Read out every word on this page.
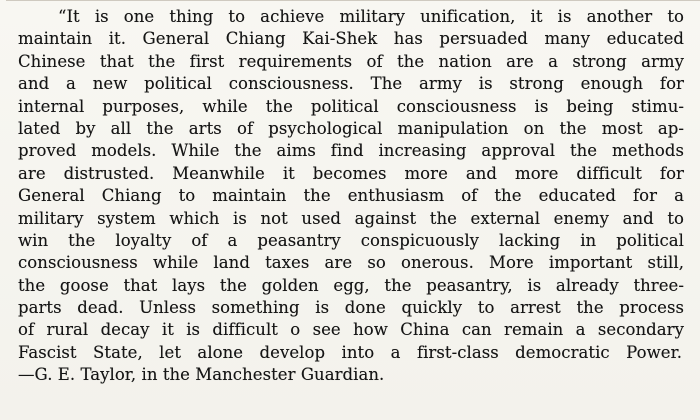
“It is one thing to achieve military unification, it is another to
maintain it. General Chiang Kai-Shek has persuaded many educated
Chinese that the first requirements of the nation are a strong army
and a new political consciousness. The army is strong enough for
internal purposes, while the political consciousness is being stimu-
lated by all the arts of psychological manipulation on the most ap-
proved models. While the aims find increasing approval the methods
are distrusted. Meanwhile it becomes more and more difficult for
General Chiang to maintain the enthusiasm of the educated for a
military system which is not used against the external enemy and to
win the loyalty of a peasantry conspicuously lacking in political
consciousness while land taxes are so onerous. More important still,
the goose that lays the golden egg, the peasantry, is already three-
parts dead. Unless something is done quickly to arrest the process
of rural decay it is difficult o see how China can remain a secondary
Fascist State, let alone develop into a first-class democratic Power.
—G. E. Taylor, in the Manchester Guardian.
